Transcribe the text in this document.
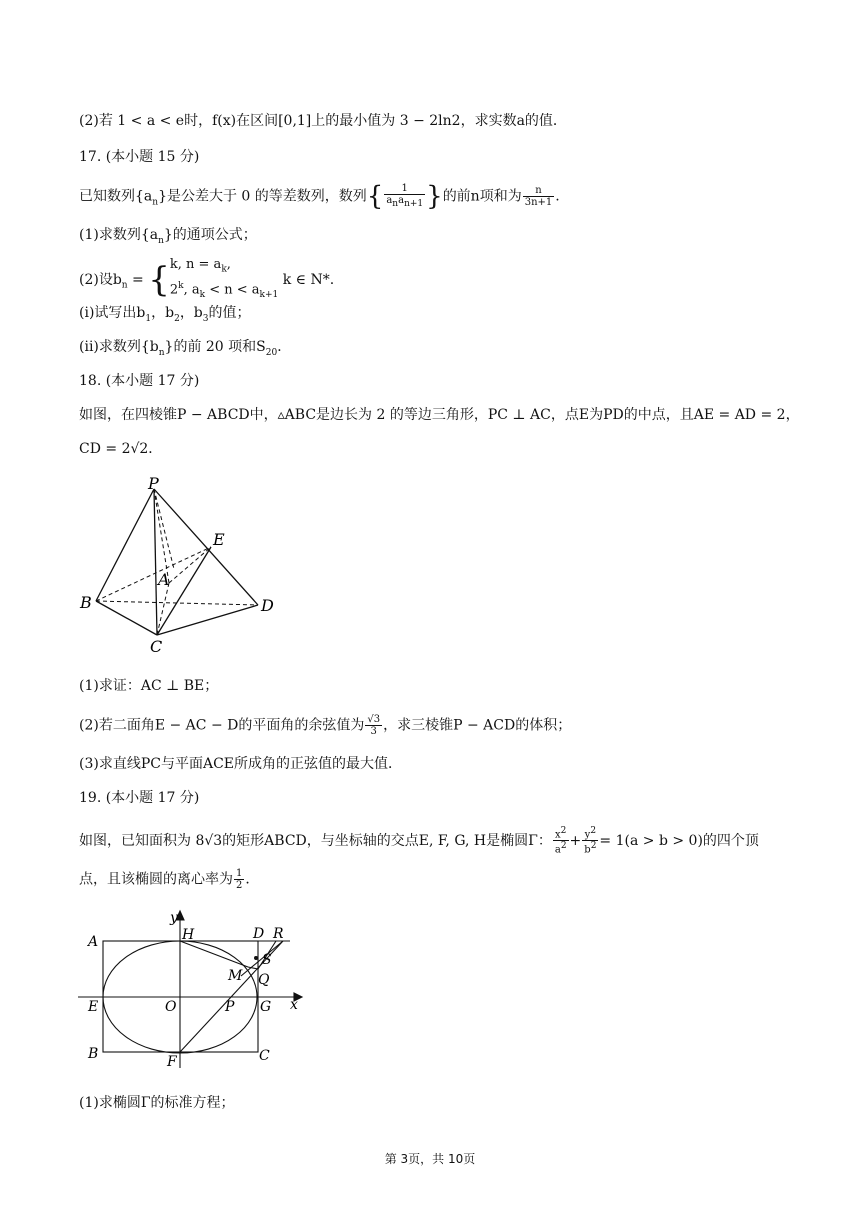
(2)若 1 < a < e时，f(x)在区间[0,1]上的最小值为 3 − 2ln2，求实数a的值．
17. (本小题 15 分)
已知数列$\{a_n\}$是公差大于 0 的等差数列，数列{ $\frac{1}{a_na_{n+1}}$ }的前n项和为 $\frac{n}{3n+1}$ .
(1)求数列$\{a_n\}$的通项公式；
(2)设$b_n$ = { k, $n = a_k$,
2$^k$, $a_k < n < a_{k+1}$
k ∈ N*.
(i)试写出$b_1$，$b_2$，$b_3$的值；
(ii)求数列$\{b_n\}$的前 20 项和$S_{20}$．
18. (本小题 17 分)
如图，在四棱锥P − ABCD中，▵ABC是边长为 2 的等边三角形，PC ⊥ AC，点E为PD的中点，且AE = AD = 2，
CD = 2√2．
P
E
A
B	D
C
(1)求证：AC ⊥ BE；
(2)若二面角E − AC − D的平面角的余弦值为 $\frac{√3}{3}$ ，求三棱锥P − ACD的体积；
(3)求直线PC与平面ACE所成角的正弦值的最大值．
19. (本小题 17 分)
如图，已知面积为 8√3的矩形ABCD，与坐标轴的交点E, F, G, H是椭圆Γ： $\frac{x^2}{a^2} + \frac{y^2}{b^2} = 1(a > b > 0)$的四个顶
点，且该椭圆的离心率为 $\frac{1}{2}$ ．
y
x
A	H	D R
M
S
Q
E	O	P G
B	F	C
(1)求椭圆Γ的标准方程；
第 3页，共 10页
